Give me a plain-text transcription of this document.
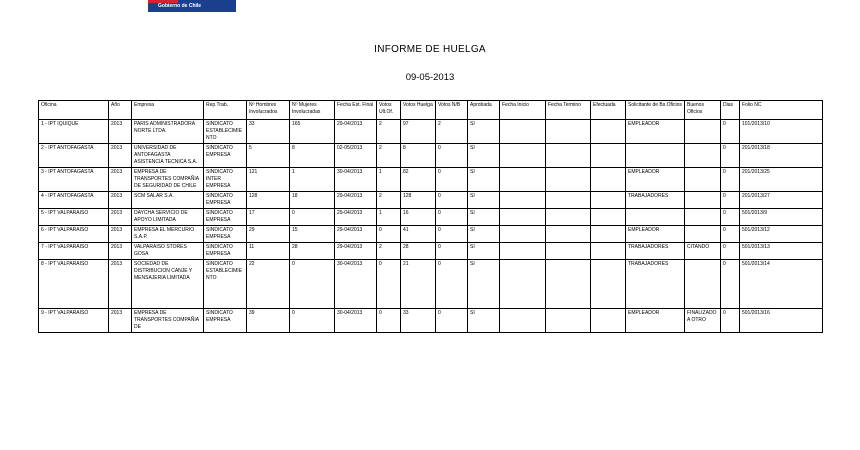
Gobierno de Chile
INFORME DE HUELGA
09-05-2013
Oficina	Año	Empresa	Rep.Trab.	Nº Hombres Involucrados	Nº Mujeres Involucradas	Fecha Est. Final	Votos Ult.Of.	Votos Huelga	Votos N/B	Aprobada	Fecha Inicio	Fecha Termino	Efectuada	Solicitante de Bs.Oficios	Buenos Oficios	Dias	Folio NC
1 - IPT IQUIQUE	2013	PARIS ADMINISTRADORA NORTE LTDA.	SINDICATO ESTABLECIMIENTO	33	165	29-04/2013	2	97	2	SI				EMPLEADOR		0	101/2013/10
2 - IPT ANTOFAGASTA	2013	UNIVERSIDAD DE ANTOFAGASTA ASISTENCIA TECNICA S.A.	SINDICATO EMPRESA	5	8	02-05/2013	2	8	0	SI						0	201/2013/18
3 - IPT ANTOFAGASTA	2013	EMPRESA DE TRANSPORTES COMPAÑIA DE SEGURIDAD DE CHILE	SINDICATO INTER EMPRESA	121	1	30-04/2013	1	82	0	SI				EMPLEADOR		0	201/2013/25
4 - IPT ANTOFAGASTA	2013	SCM SALAR S.A.	SINDICATO EMPRESA	128	18	29-04/2013	2	128	0	SI				TRABAJADORES		0	201/2013/27
5 - IPT VALPARAISO	2013	DAYCHA SERVICIO DE APOYO LIMITADA	SINDICATO EMPRESA	17	0	29-04/2013	1	16	0	SI						0	501/2013/9
6 - IPT VALPARAISO	2013	EMPRESA EL MERCURIO S.A.P.	SINDICATO EMPRESA	29	15	29-04/2013	0	41	0	SI				EMPLEADOR		0	501/2013/12
7 - IPT VALPARAISO	2013	VALPARAISO STORES GOSA	SINDICATO EMPRESA	11	28	29-04/2013	2	28	0	SI				TRABAJADORES	CITANDO	0	501/2013/13
8 - IPT VALPARAISO	2013	SOCIEDAD DE DISTRIBUCION CANJE Y MENSAJERIA LIMITADA	SINDICATO ESTABLECIMIENTO	22	0	30-04/2013	0	21	0	SI				TRABAJADORES		0	501/2013/14
9 - IPT VALPARAISO	2013	EMPRESA DE TRANSPORTES COMPAÑIA DE	SINDICATO EMPRESA	39	0	30-04/2013	0	33	0	SI				EMPLEADOR	FINALIZADO A OTRO	0	501/2013/16
